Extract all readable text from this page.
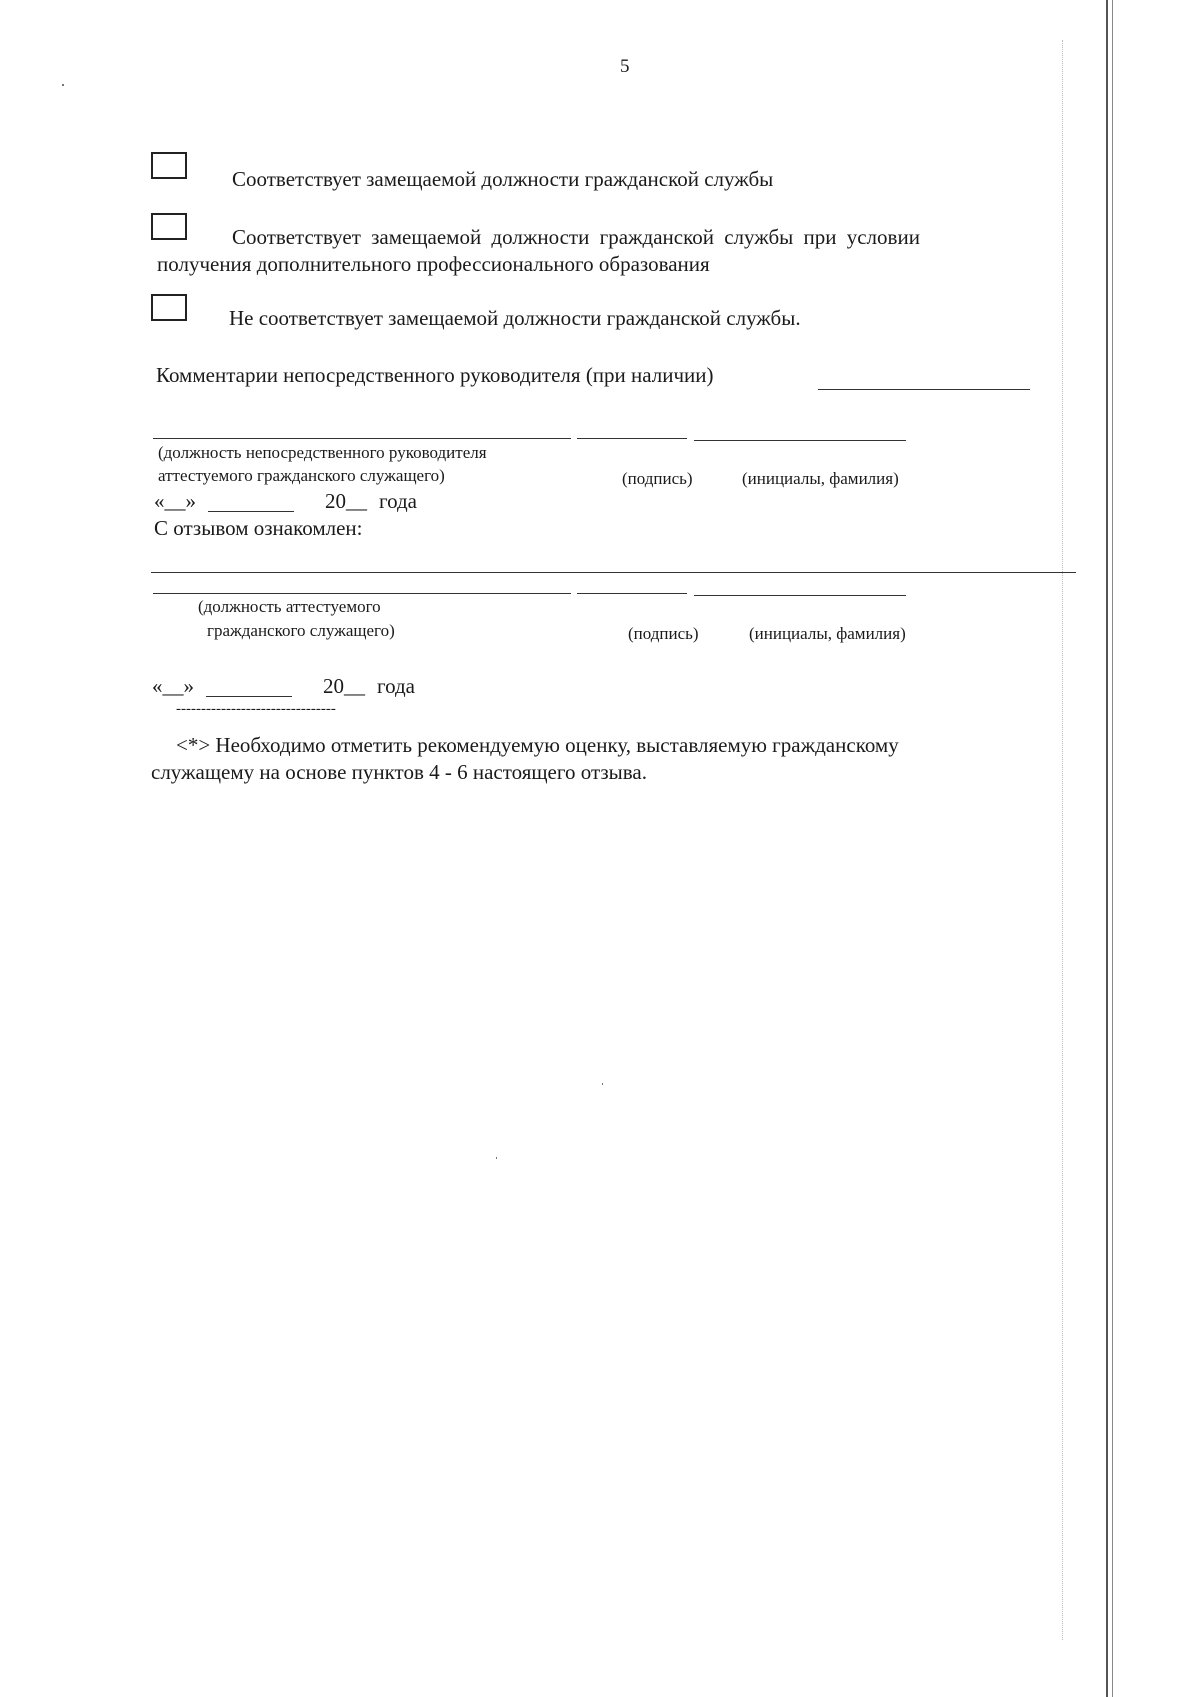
5
Соответствует замещаемой должности гражданской службы
Соответствует замещаемой должности гражданской службы при условии
получения дополнительного профессионального образования
Не соответствует замещаемой должности гражданской службы.
Комментарии непосредственного руководителя (при наличии)
(должность непосредственного руководителя
аттестуемого гражданского служащего)	(подпись)	(инициалы, фамилия)
«__»	20__ года
С отзывом ознакомлен:
(должность аттестуемого
гражданского служащего)	(подпись)	(инициалы, фамилия)
«__»	20__ года
--------------------------------
<*> Необходимо отметить рекомендуемую оценку, выставляемую гражданскому
служащему на основе пунктов 4 - 6 настоящего отзыва.
